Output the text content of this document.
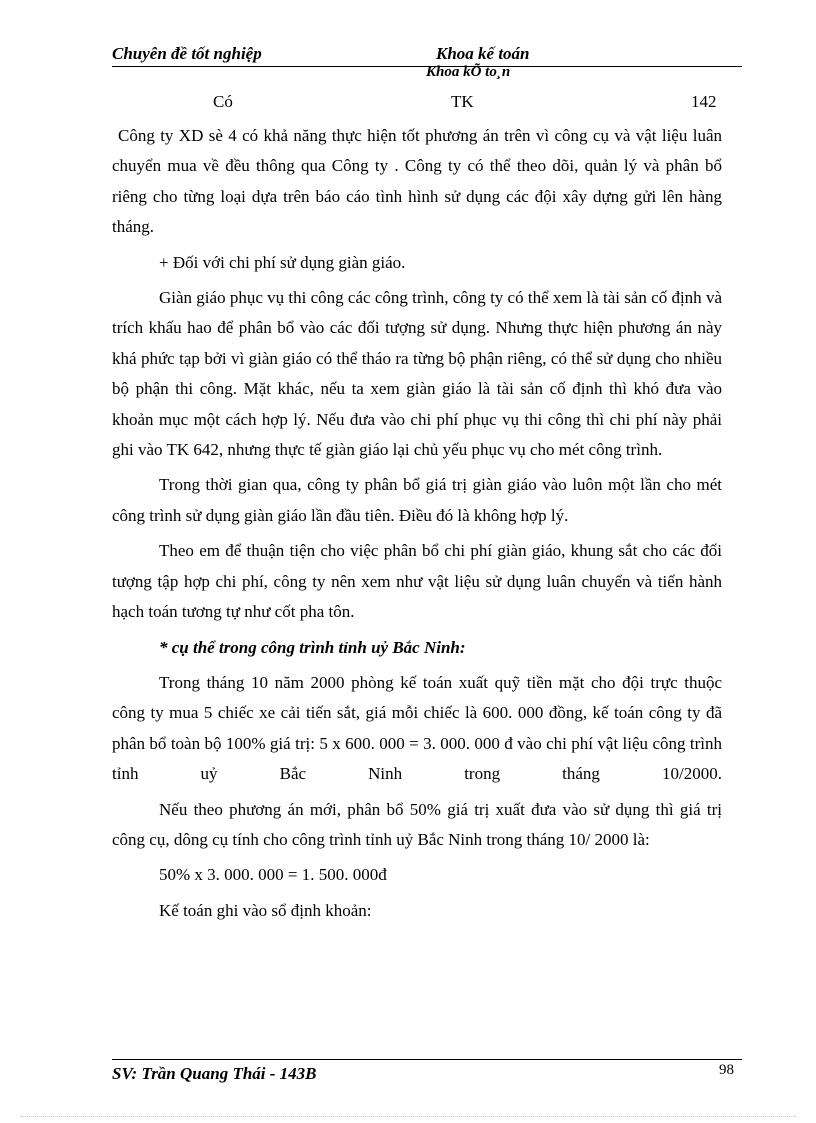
Chuyên đề tốt nghiệp	Khoa kế toán
Khoa kÕ to¸n
Có	TK	142

Công ty XD sè 4 có khả năng thực hiện tốt phương án trên vì công cụ và vật liệu luân chuyển mua về đều thông qua Công ty . Công ty có thể theo dõi, quản lý và phân bổ riêng cho từng loại dựa trên báo cáo tình hình sử dụng các đội xây dựng gửi lên hàng tháng.

+ Đối với chi phí sử dụng giàn giáo.

Giàn giáo phục vụ thi công các công trình, công ty có thể xem là tài sản cố định và trích khấu hao để phân bổ vào các đối tượng sử dụng. Nhưng thực hiện phương án này khá phức tạp bởi vì giàn giáo có thể tháo ra từng bộ phận riêng, có thể sử dụng cho nhiều bộ phận thi công. Mặt khác, nếu ta xem giàn giáo là tài sản cố định thì khó đưa vào khoản mục một cách hợp lý. Nếu đưa vào chi phí phục vụ thi công thì chi phí này phải ghi vào TK 642, nhưng thực tế giàn giáo lại chủ yếu phục vụ cho mét công trình.

Trong thời gian qua, công ty phân bổ giá trị giàn giáo vào luôn một lần cho mét công trình sử dụng giàn giáo lần đầu tiên. Điều đó là không hợp lý.

Theo em để thuận tiện cho việc phân bổ chi phí giàn giáo, khung sắt cho các đối tượng tập hợp chi phí, công ty nên xem như vật liệu sử dụng luân chuyển và tiến hành hạch toán tương tự như cốt pha tôn.

* cụ thể trong công trình tỉnh uỷ Bắc Ninh:

Trong tháng 10 năm 2000 phòng kế toán xuất quỹ tiền mặt cho đội trực thuộc công ty mua 5 chiếc xe cải tiến sắt, giá mỗi chiếc là 600. 000 đồng, kế toán công ty đã phân bổ toàn bộ 100% giá trị: 5 x 600. 000 = 3. 000. 000 đ vào chi phí vật liệu công trình tỉnh uỷ Bắc Ninh trong tháng 10/2000.

Nếu theo phương án mới, phân bổ 50% giá trị xuất đưa vào sử dụng thì giá trị công cụ, dông cụ tính cho công trình tỉnh uỷ Bắc Ninh trong tháng 10/ 2000 là:

50% x 3. 000. 000 = 1. 500. 000đ

Kế toán ghi vào sổ định khoản:

SV: Trần Quang Thái - 143B	98
